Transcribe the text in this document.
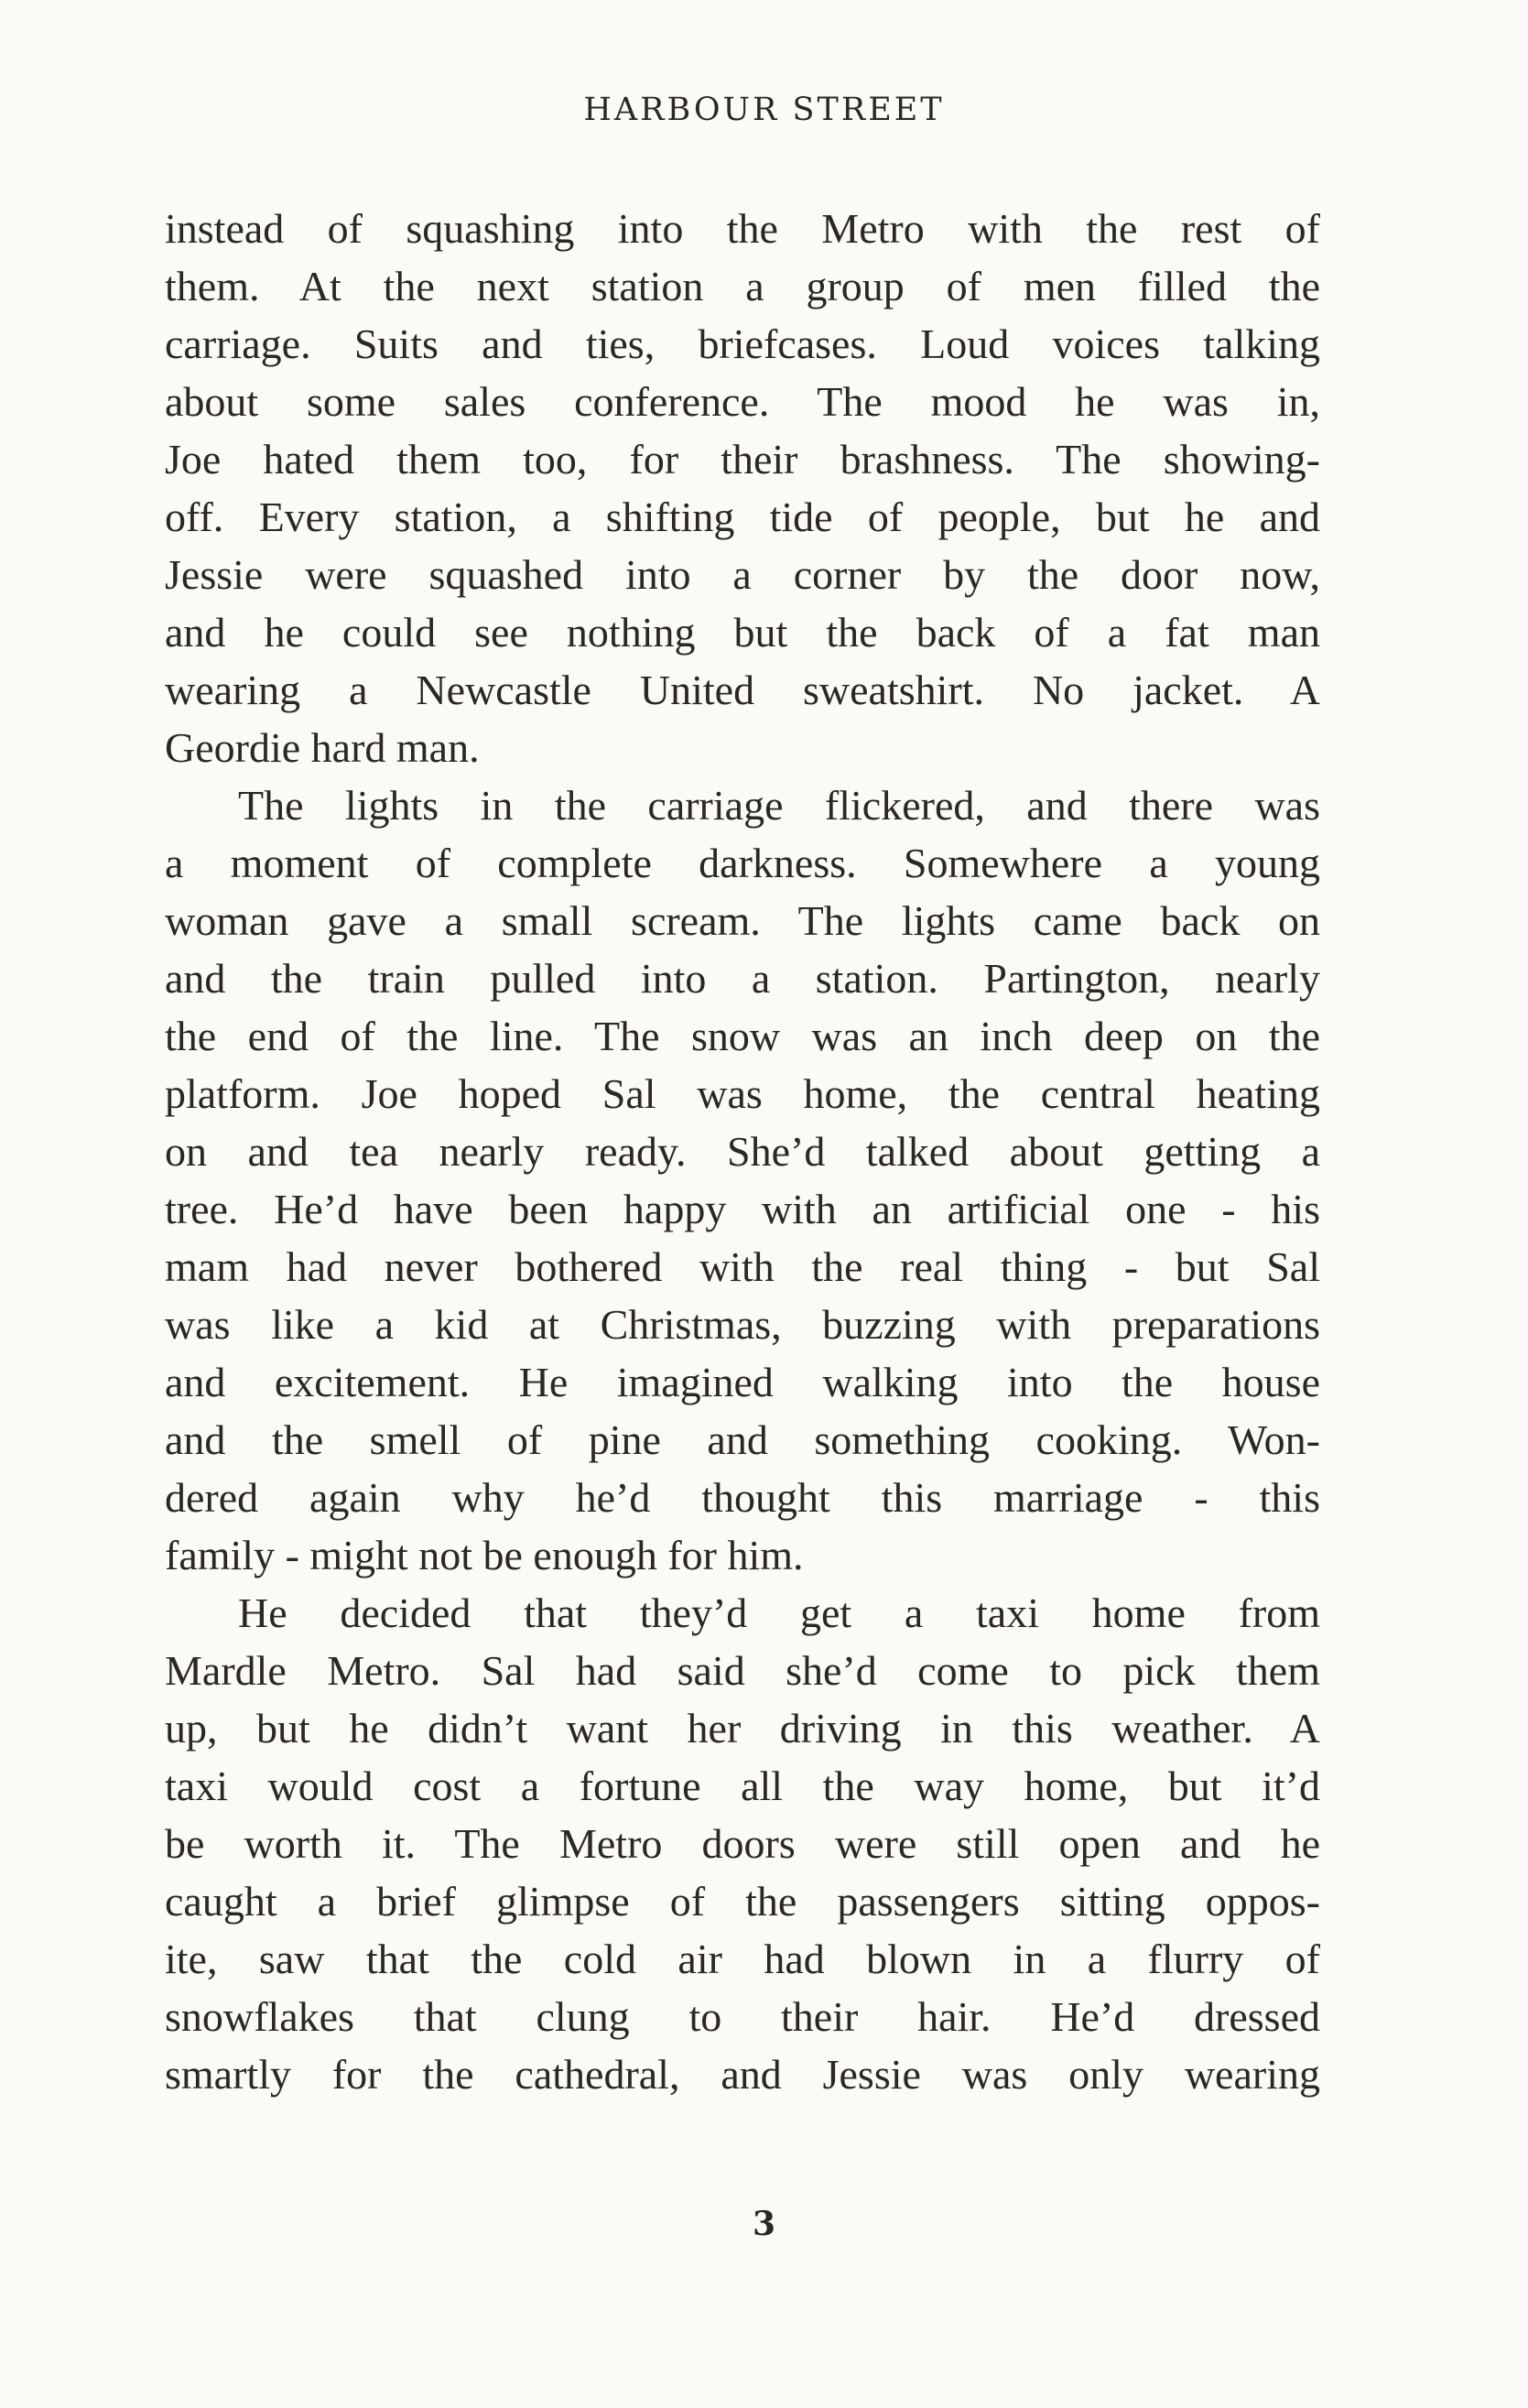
HARBOUR STREET
instead of squashing into the Metro with the rest of
them. At the next station a group of men filled the
carriage. Suits and ties, briefcases. Loud voices talking
about some sales conference. The mood he was in,
Joe hated them too, for their brashness. The showing-
off. Every station, a shifting tide of people, but he and
Jessie were squashed into a corner by the door now,
and he could see nothing but the back of a fat man
wearing a Newcastle United sweatshirt. No jacket. A
Geordie hard man.
The lights in the carriage flickered, and there was
a moment of complete darkness. Somewhere a young
woman gave a small scream. The lights came back on
and the train pulled into a station. Partington, nearly
the end of the line. The snow was an inch deep on the
platform. Joe hoped Sal was home, the central heating
on and tea nearly ready. She’d talked about getting a
tree. He’d have been happy with an artificial one - his
mam had never bothered with the real thing - but Sal
was like a kid at Christmas, buzzing with preparations
and excitement. He imagined walking into the house
and the smell of pine and something cooking. Won-
dered again why he’d thought this marriage - this
family - might not be enough for him.
He decided that they’d get a taxi home from
Mardle Metro. Sal had said she’d come to pick them
up, but he didn’t want her driving in this weather. A
taxi would cost a fortune all the way home, but it’d
be worth it. The Metro doors were still open and he
caught a brief glimpse of the passengers sitting oppos-
ite, saw that the cold air had blown in a flurry of
snowflakes that clung to their hair. He’d dressed
smartly for the cathedral, and Jessie was only wearing
3
